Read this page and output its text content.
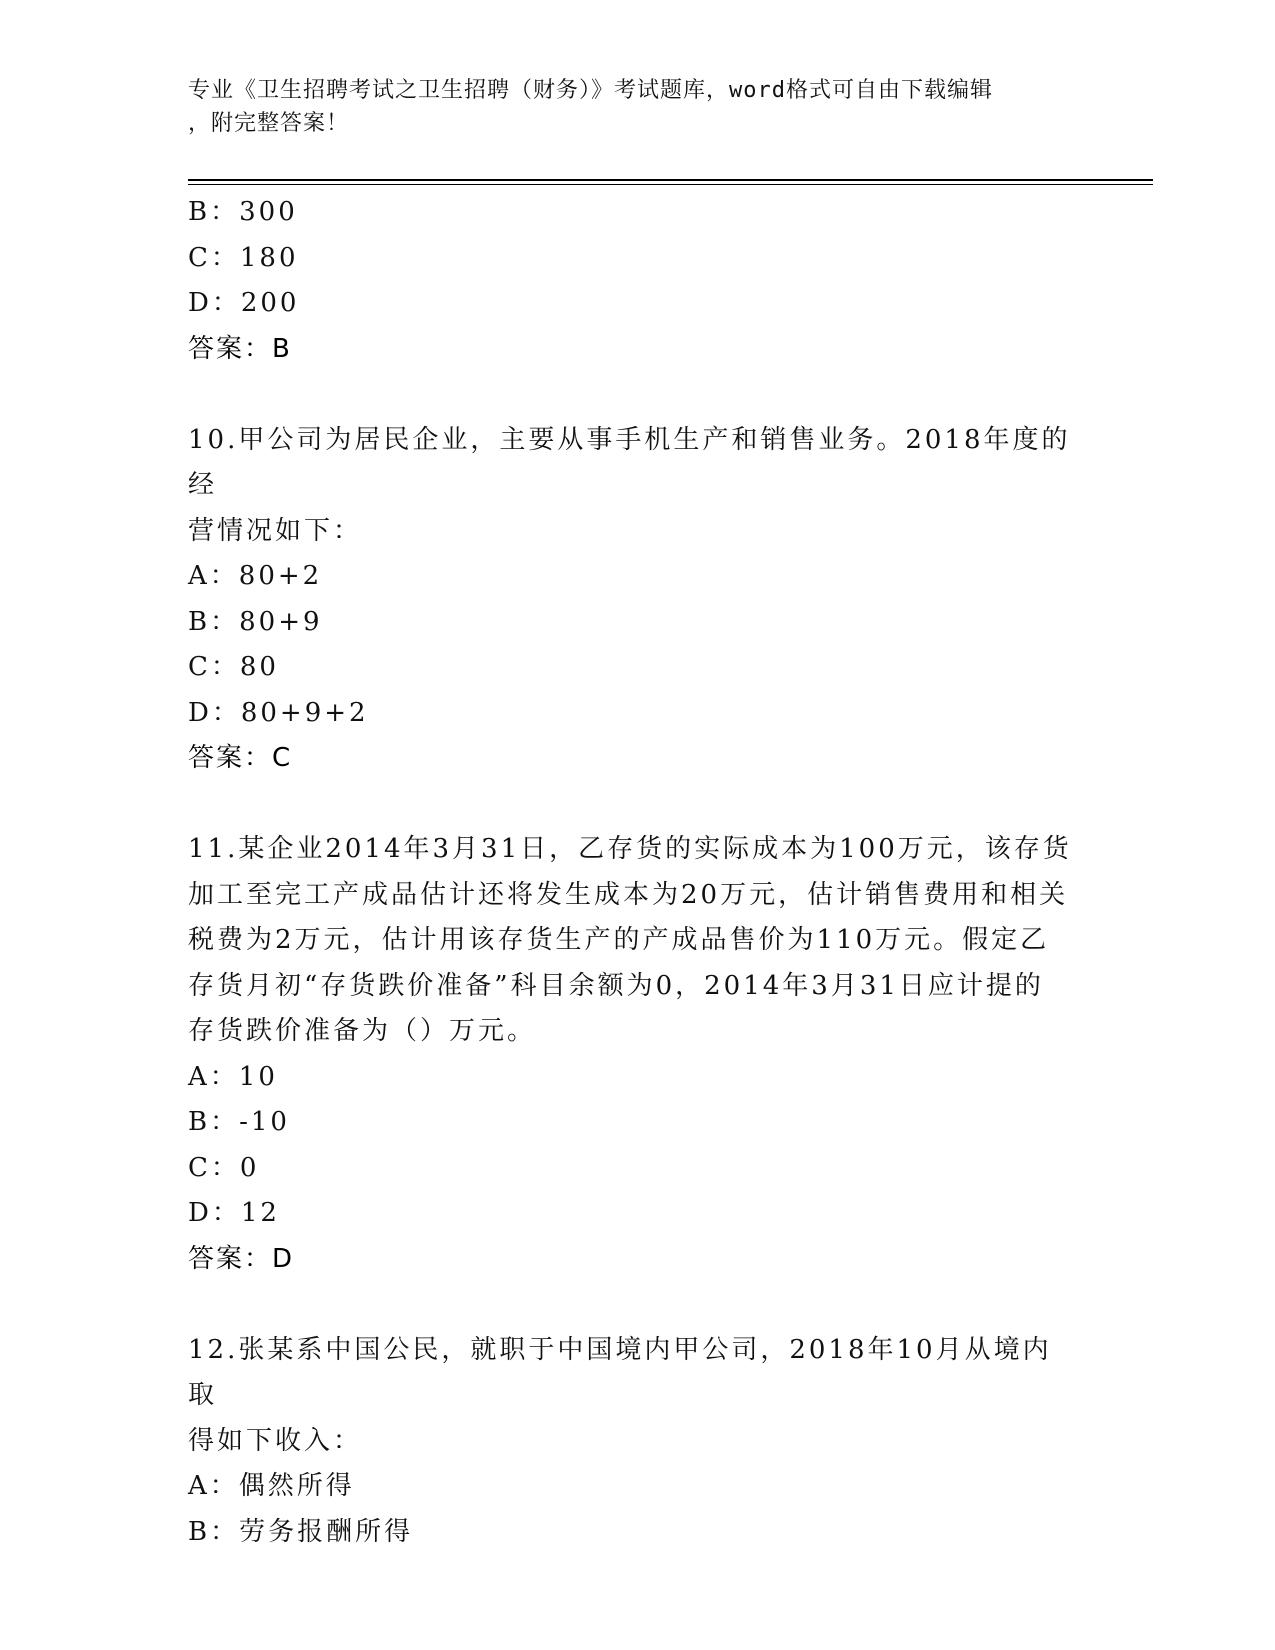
专业《卫生招聘考试之卫生招聘（财务）》考试题库，word格式可自由下载编辑
，附完整答案！
B：300
C：180
D：200
答案：B
10.甲公司为居民企业，主要从事手机生产和销售业务。2018年度的经
营情况如下：
A：80+2
B：80+9
C：80
D：80+9+2
答案：C
11.某企业2014年3月31日，乙存货的实际成本为100万元，该存货
加工至完工产成品估计还将发生成本为20万元，估计销售费用和相关
税费为2万元，估计用该存货生产的产成品售价为110万元。假定乙
存货月初“存货跌价准备”科目余额为0，2014年3月31日应计提的
存货跌价准备为（）万元。
A：10
B：-10
C：0
D：12
答案：D
12.张某系中国公民，就职于中国境内甲公司，2018年10月从境内取
得如下收入：
A：偶然所得
B：劳务报酬所得
